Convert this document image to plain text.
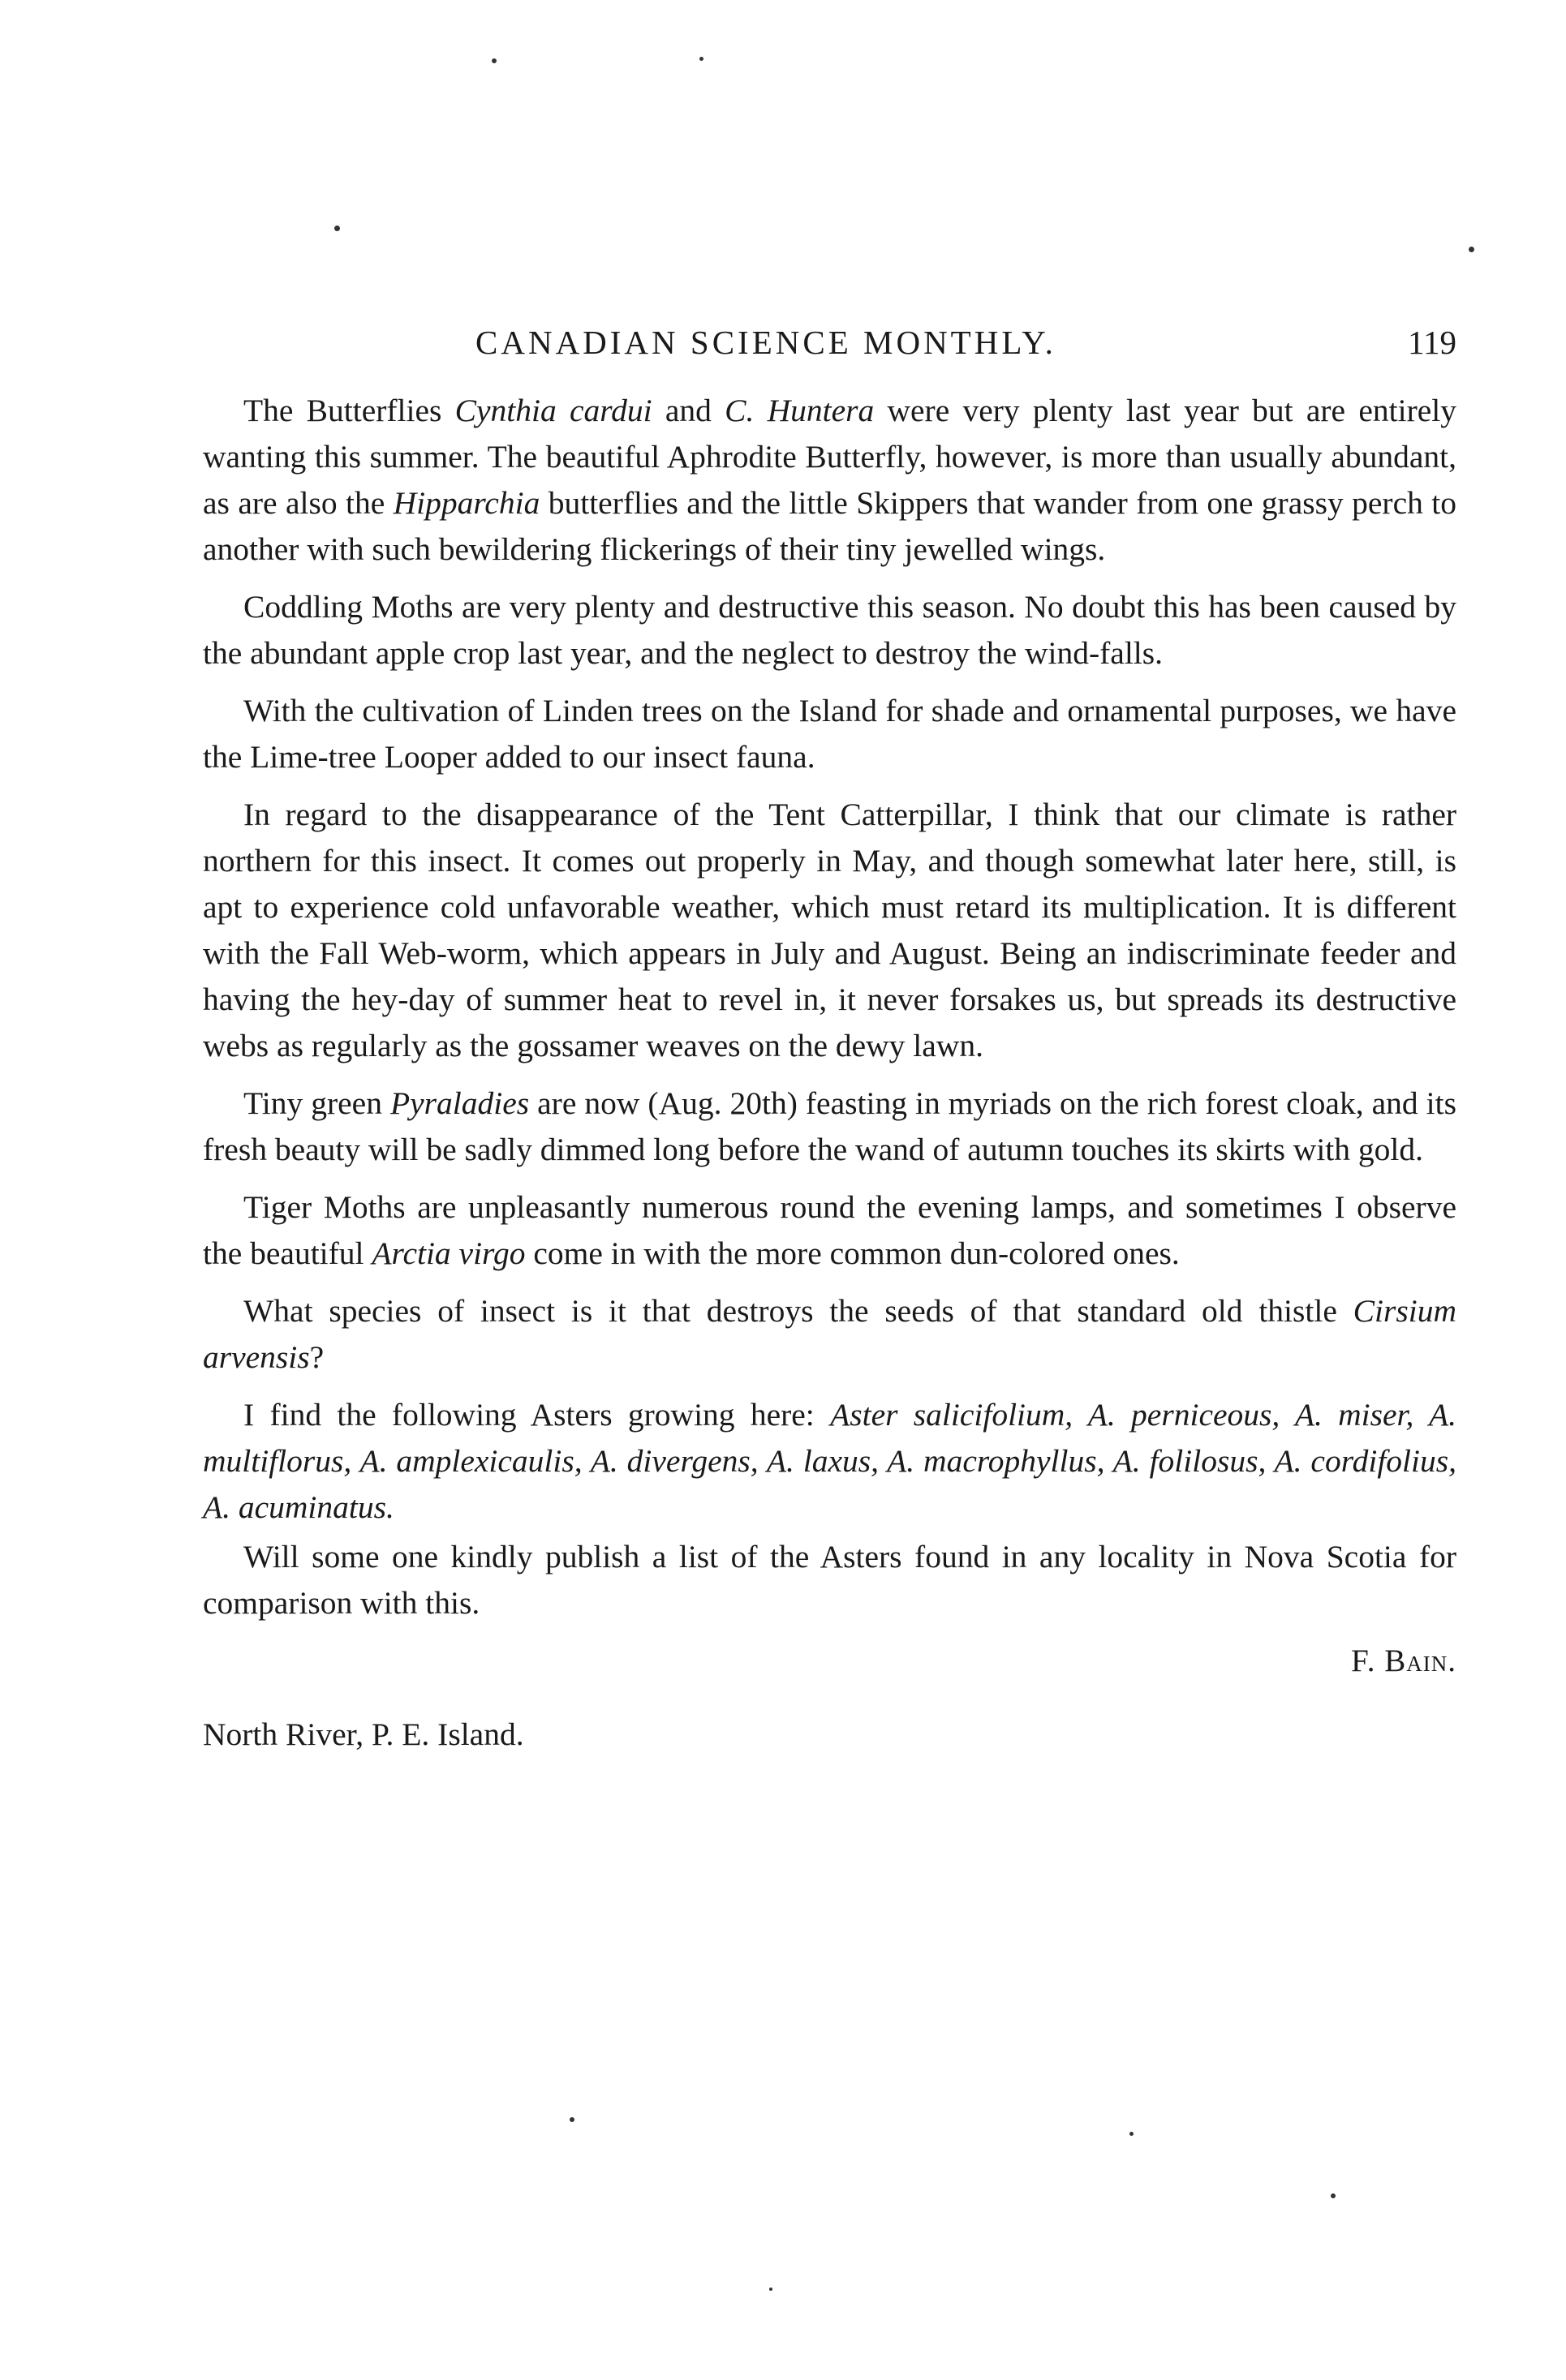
CANADIAN SCIENCE MONTHLY.	119

The Butterflies Cynthia cardui and C. Huntera were very plenty last year but are entirely wanting this summer. The beautiful Aphrodite Butterfly, however, is more than usually abundant, as are also the Hipparchia butterflies and the little Skippers that wander from one grassy perch to another with such bewildering flickerings of their tiny jewelled wings.

Coddling Moths are very plenty and destructive this season. No doubt this has been caused by the abundant apple crop last year, and the neglect to destroy the wind-falls.

With the cultivation of Linden trees on the Island for shade and ornamental purposes, we have the Lime-tree Looper added to our insect fauna.

In regard to the disappearance of the Tent Catterpillar, I think that our climate is rather northern for this insect. It comes out properly in May, and though somewhat later here, still, is apt to experience cold unfavorable weather, which must retard its multiplication. It is different with the Fall Web-worm, which appears in July and August. Being an indiscriminate feeder and having the hey-day of summer heat to revel in, it never forsakes us, but spreads its destructive webs as regularly as the gossamer weaves on the dewy lawn.

Tiny green Pyraladies are now (Aug. 20th) feasting in myriads on the rich forest cloak, and its fresh beauty will be sadly dimmed long before the wand of autumn touches its skirts with gold.

Tiger Moths are unpleasantly numerous round the evening lamps, and sometimes I observe the beautiful Arctia virgo come in with the more common dun-colored ones.

What species of insect is it that destroys the seeds of that standard old thistle Cirsium arvensis?

I find the following Asters growing here: Aster salicifolium, A. perniceous, A. miser, A. multiflorus, A. amplexicaulis, A. divergens, A. laxus, A. macrophyllus, A. folilosus, A. cordifolius, A. acuminatus.

Will some one kindly publish a list of the Asters found in any locality in Nova Scotia for comparison with this.

F. Bain.

North River, P. E. Island.
